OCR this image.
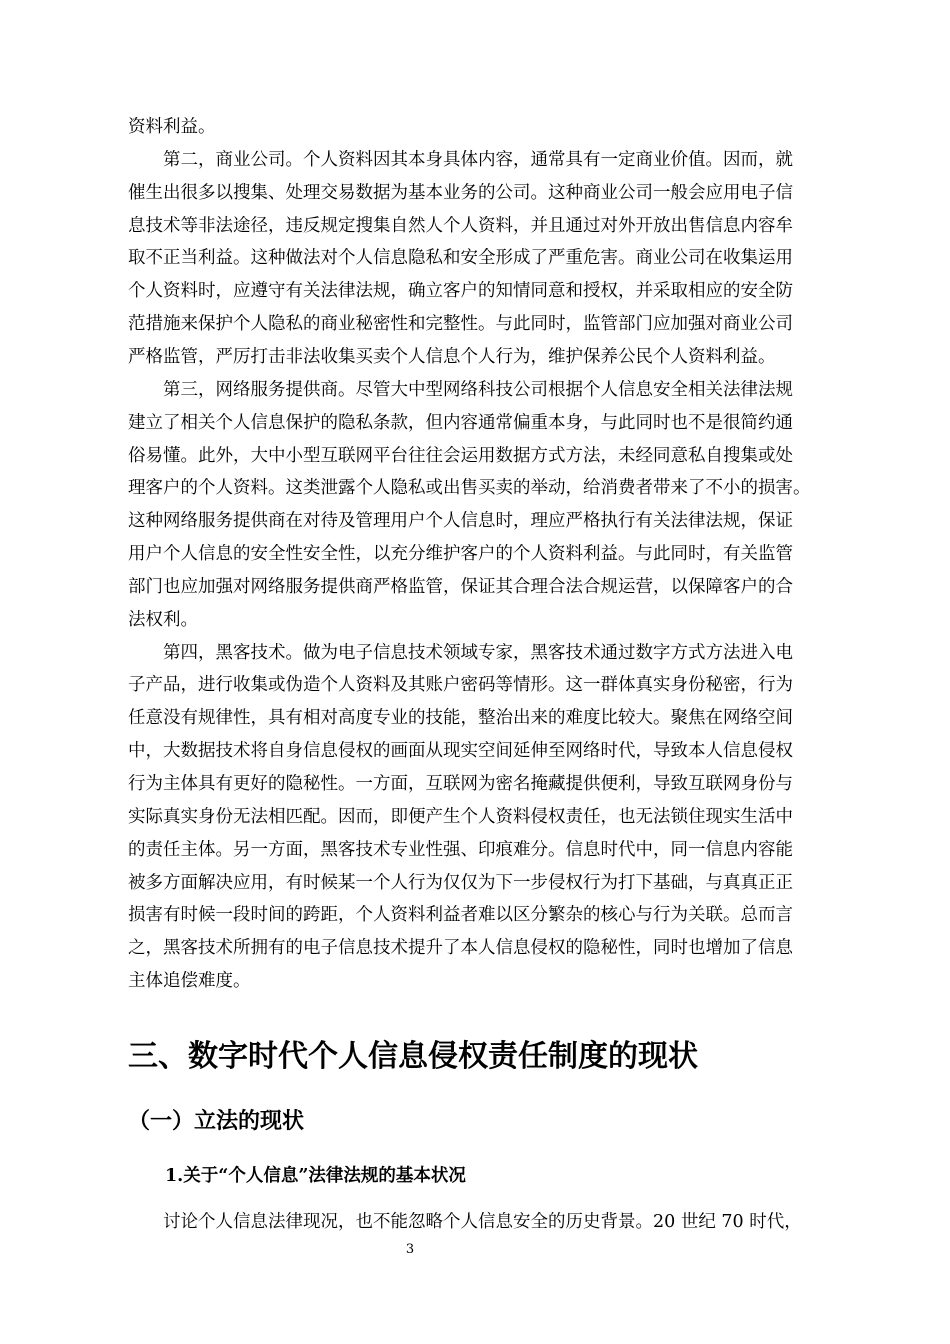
资料利益。
　　第二，商业公司。个人资料因其本身具体内容，通常具有一定商业价值。因而，就
催生出很多以搜集、处理交易数据为基本业务的公司。这种商业公司一般会应用电子信
息技术等非法途径，违反规定搜集自然人个人资料，并且通过对外开放出售信息内容牟
取不正当利益。这种做法对个人信息隐私和安全形成了严重危害。商业公司在收集运用
个人资料时，应遵守有关法律法规，确立客户的知情同意和授权，并采取相应的安全防
范措施来保护个人隐私的商业秘密性和完整性。与此同时，监管部门应加强对商业公司
严格监管，严厉打击非法收集买卖个人信息个人行为，维护保养公民个人资料利益。
　　第三，网络服务提供商。尽管大中型网络科技公司根据个人信息安全相关法律法规
建立了相关个人信息保护的隐私条款，但内容通常偏重本身，与此同时也不是很简约通
俗易懂。此外，大中小型互联网平台往往会运用数据方式方法，未经同意私自搜集或处
理客户的个人资料。这类泄露个人隐私或出售买卖的举动，给消费者带来了不小的损害。
这种网络服务提供商在对待及管理用户个人信息时，理应严格执行有关法律法规，保证
用户个人信息的安全性安全性，以充分维护客户的个人资料利益。与此同时，有关监管
部门也应加强对网络服务提供商严格监管，保证其合理合法合规运营，以保障客户的合
法权利。
　　第四，黑客技术。做为电子信息技术领域专家，黑客技术通过数字方式方法进入电
子产品，进行收集或伪造个人资料及其账户密码等情形。这一群体真实身份秘密，行为
任意没有规律性，具有相对高度专业的技能，整治出来的难度比较大。聚焦在网络空间
中，大数据技术将自身信息侵权的画面从现实空间延伸至网络时代，导致本人信息侵权
行为主体具有更好的隐秘性。一方面，互联网为密名掩藏提供便利，导致互联网身份与
实际真实身份无法相匹配。因而，即便产生个人资料侵权责任，也无法锁住现实生活中
的责任主体。另一方面，黑客技术专业性强、印痕难分。信息时代中，同一信息内容能
被多方面解决应用，有时候某一个人行为仅仅为下一步侵权行为打下基础，与真真正正
损害有时候一段时间的跨距，个人资料利益者难以区分繁杂的核心与行为关联。总而言
之，黑客技术所拥有的电子信息技术提升了本人信息侵权的隐秘性，同时也增加了信息
主体追偿难度。
三、数字时代个人信息侵权责任制度的现状
（一）立法的现状
1.关于“个人信息”法律法规的基本状况
　　讨论个人信息法律现况，也不能忽略个人信息安全的历史背景。20 世纪 70 时代，
3
